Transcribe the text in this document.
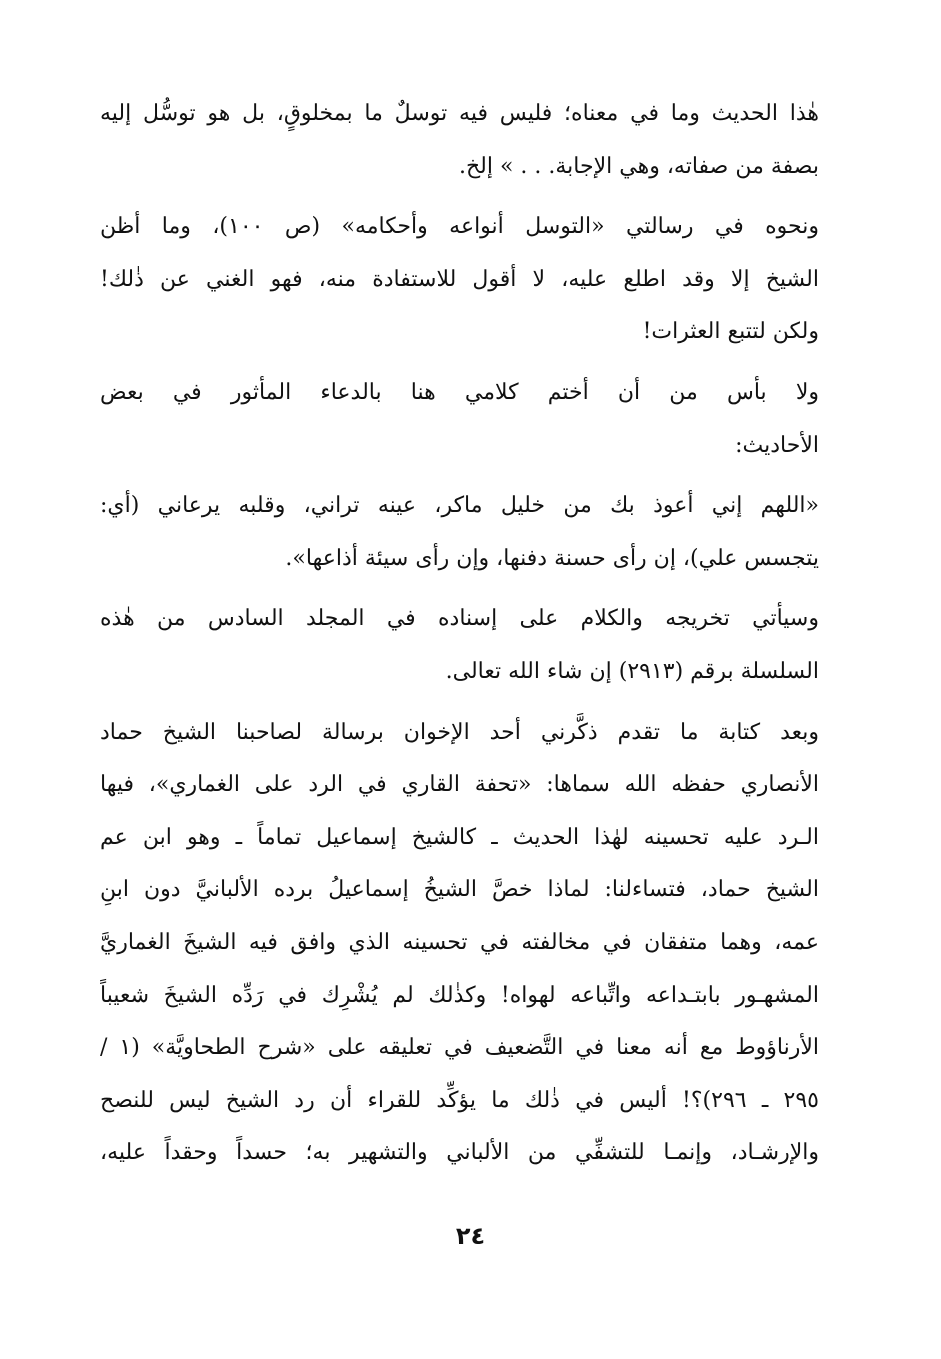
هٰذا الحديث وما في معناه؛ فليس فيه توسلٌ ما بمخلوقٍ، بل هو توسُّل إليه
بصفة من صفاته، وهي الإجابة. . . » إلخ.

ونحوه في رسالتي «التوسل أنواعه وأحكامه» (ص ١٠٠)، وما أظن
الشيخ إلا وقد اطلع عليه، لا أقول للاستفادة منه، فهو الغني عن ذٰلك!
ولكن لتتبع العثرات!

ولا بأس من أن أختم كلامي هنا بالدعاء المأثور في بعض
الأحاديث:

«اللهم إني أعوذ بك من خليل ماكر، عينه تراني، وقلبه يرعاني (أي:
يتجسس علي)، إن رأى حسنة دفنها، وإن رأى سيئة أذاعها».

وسيأتي تخريجه والكلام على إسناده في المجلد السادس من هٰذه
السلسلة برقم (٢٩١٣) إن شاء الله تعالى.

وبعد كتابة ما تقدم ذكَّرني أحد الإخوان برسالة لصاحبنا الشيخ حماد
الأنصاري حفظه الله سماها: «تحفة القاري في الرد على الغماري»، فيها
الـرد عليه تحسينه لهٰذا الحديث ـ كالشيخ إسماعيل تماماً ـ وهو ابن عم
الشيخ حماد، فتساءلنا: لماذا خصَّ الشيخُ إسماعيلُ برده الألبانيَّ دون ابنِ
عمه، وهما متفقان في مخالفته في تحسينه الذي وافق فيه الشيخَ الغماريَّ
المشهـور بابتـداعه واتِّباعه لهواه! وكذٰلك لم يُشْرِك في رَدِّه الشيخَ شعيباً
الأرناؤوط مع أنه معنا في التَّضعيف في تعليقه على «شرح الطحاويَّة» (١ /
٢٩٥ ـ ٢٩٦)؟! أليس في ذٰلك ما يؤكِّد للقراء أن رد الشيخ ليس للنصح
والإرشـاد، وإنمـا للتشفِّي من الألباني والتشهير به؛ حسداً وحقداً عليه،

٢٤
